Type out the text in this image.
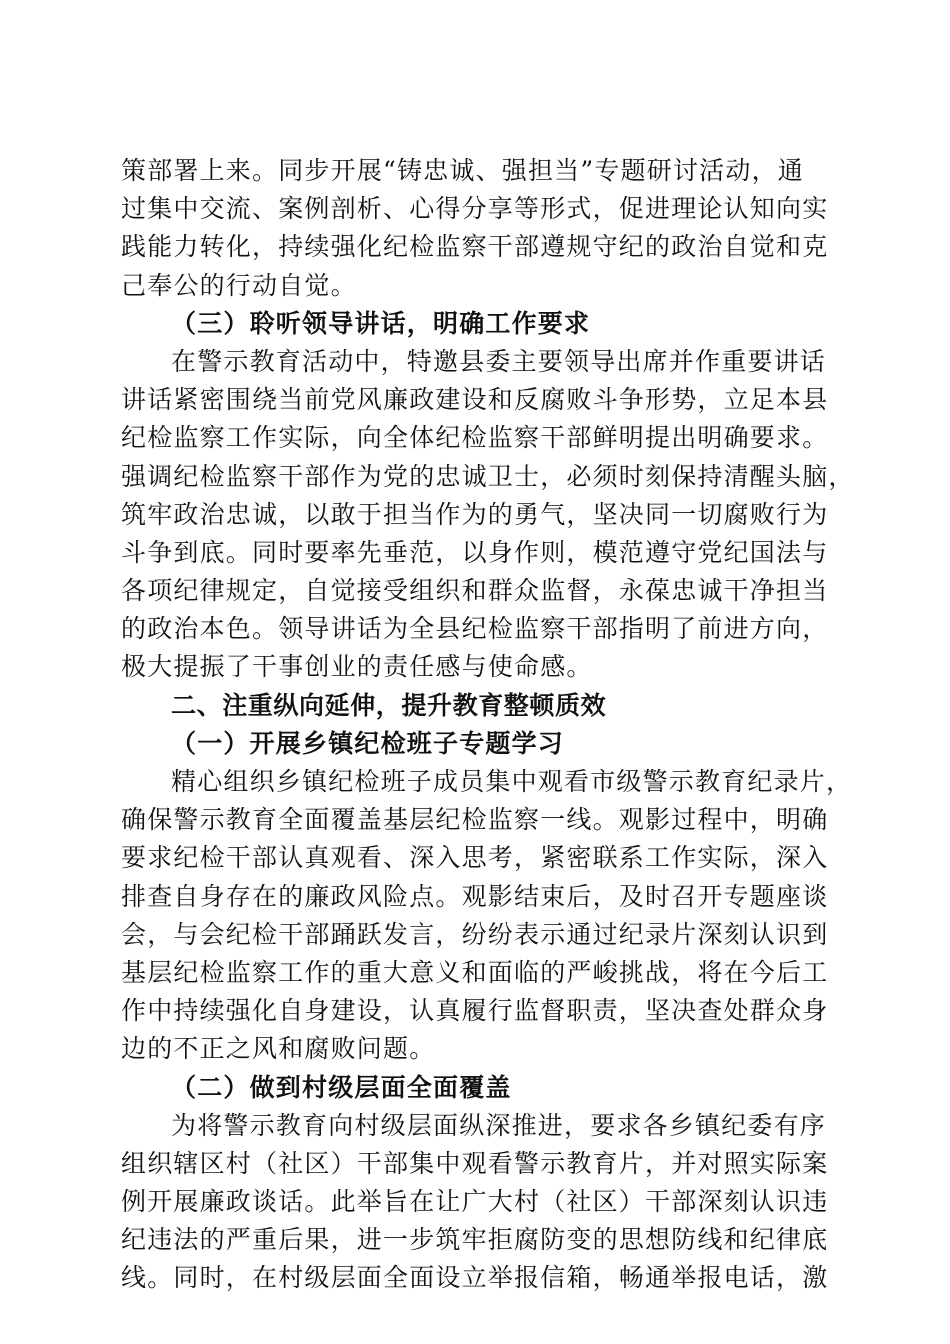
策部署上来。同步开展“铸忠诚、强担当”专题研讨活动，通
过集中交流、案例剖析、心得分享等形式，促进理论认知向实
践能力转化，持续强化纪检监察干部遵规守纪的政治自觉和克
己奉公的行动自觉。
（三）聆听领导讲话，明确工作要求
在警示教育活动中，特邀县委主要领导出席并作重要讲话
讲话紧密围绕当前党风廉政建设和反腐败斗争形势，立足本县
纪检监察工作实际，向全体纪检监察干部鲜明提出明确要求。
强调纪检监察干部作为党的忠诚卫士，必须时刻保持清醒头脑，
筑牢政治忠诚，以敢于担当作为的勇气，坚决同一切腐败行为
斗争到底。同时要率先垂范，以身作则，模范遵守党纪国法与
各项纪律规定，自觉接受组织和群众监督，永葆忠诚干净担当
的政治本色。领导讲话为全县纪检监察干部指明了前进方向，
极大提振了干事创业的责任感与使命感。
二、注重纵向延伸，提升教育整顿质效
（一）开展乡镇纪检班子专题学习
精心组织乡镇纪检班子成员集中观看市级警示教育纪录片，
确保警示教育全面覆盖基层纪检监察一线。观影过程中，明确
要求纪检干部认真观看、深入思考，紧密联系工作实际，深入
排查自身存在的廉政风险点。观影结束后，及时召开专题座谈
会，与会纪检干部踊跃发言，纷纷表示通过纪录片深刻认识到
基层纪检监察工作的重大意义和面临的严峻挑战，将在今后工
作中持续强化自身建设，认真履行监督职责，坚决查处群众身
边的不正之风和腐败问题。
（二）做到村级层面全面覆盖
为将警示教育向村级层面纵深推进，要求各乡镇纪委有序
组织辖区村（社区）干部集中观看警示教育片，并对照实际案
例开展廉政谈话。此举旨在让广大村（社区）干部深刻认识违
纪违法的严重后果，进一步筑牢拒腐防变的思想防线和纪律底
线。同时，在村级层面全面设立举报信箱，畅通举报电话，激
